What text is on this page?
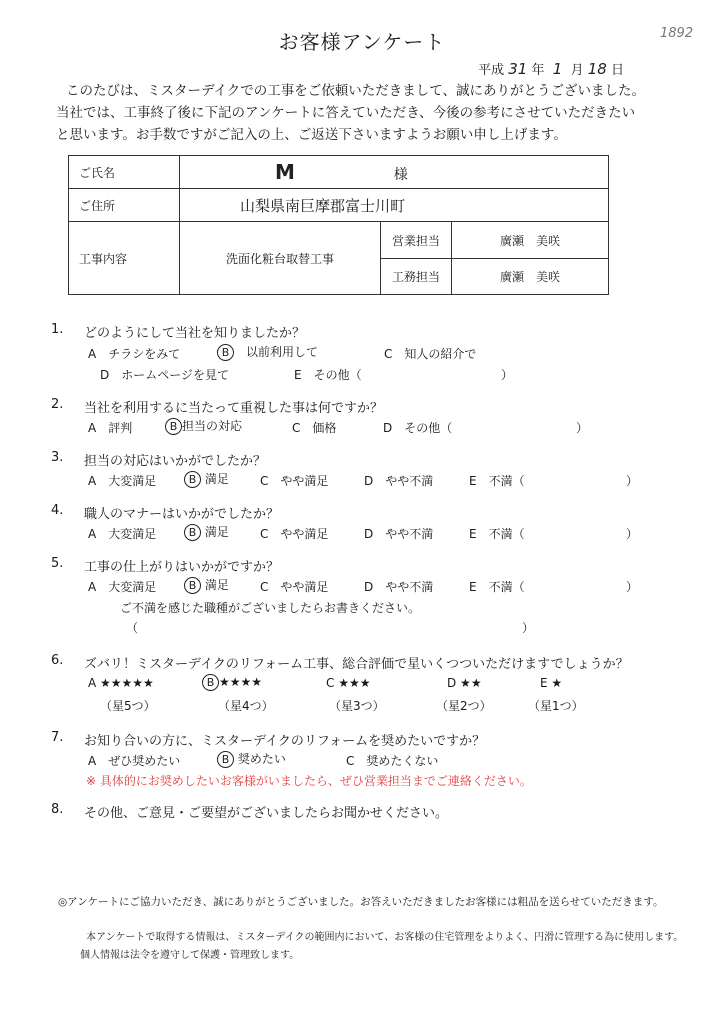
お客様アンケート	1892
平成 31 年 1 月 18 日
このたびは、ミスターデイクでの工事をご依頼いただきまして、誠にありがとうございました。
当社では、工事終了後に下記のアンケートに答えていただき、今後の参考にさせていただきたい
と思います。お手数ですがご記入の上、ご返送下さいますようお願い申し上げます。
ご氏名	M 様		
ご住所	山梨県南巨摩郡富士川町		
工事内容	洗面化粧台取替工事	営業担当	廣瀬　美咲
		工務担当	廣瀬　美咲
1. どのようにして当社を知りましたか？
A　チラシをみて	B　 以前利用して	C　知人の紹介で
D　ホームページを見て	E　その他（	）
2. 当社を利用するに当たって重視した事は何ですか？
A　評判	B 担当の対応	C　価格	D　その他（	）
3. 担当の対応はいかがでしたか？
A　大変満足	B 満足	C　やや満足	D　やや不満	E　不満（	）
4. 職人のマナーはいかがでしたか？
A　大変満足	B 満足	C　やや満足	D　やや不満	E　不満（	）
5. 工事の仕上がりはいかがですか？
A　大変満足	B 満足	C　やや満足	D　やや不満	E　不満（	）
ご不満を感じた職種がございましたらお書きください。
（	）
6. ズバリ！ミスターデイクのリフォーム工事、総合評価で星いくつついただけますでしょうか？
A ★★★★★	B ★★★★	C ★★★	D ★★	E ★
（星5つ）	（星4つ）	（星3つ）	（星2つ）	（星1つ）
7. お知り合いの方に、ミスターデイクのリフォームを奨めたいですか？
A　ぜひ奨めたい	B 奨めたい	C　奨めたくない
※ 具体的にお奨めしたいお客様がいましたら、ぜひ営業担当までご連絡ください。
8. その他、ご意見・ご要望がございましたらお聞かせください。
◎アンケートにご協力いただき、誠にありがとうございました。お答えいただきましたお客様には粗品を送らせていただきます。
本アンケートで取得する情報は、ミスターデイクの範囲内において、お客様の住宅管理をよりよく、円滑に管理する為に使用します。
個人情報は法令を遵守して保護・管理致します。
